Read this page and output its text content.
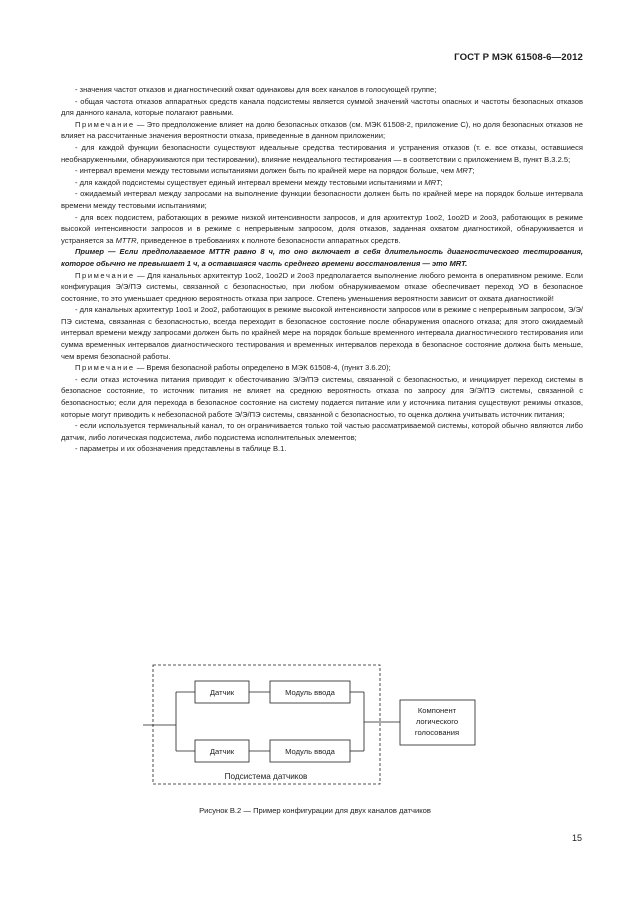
ГОСТ Р МЭК 61508-6—2012

- значения частот отказов и диагностический охват одинаковы для всех каналов в голосующей группе;

- общая частота отказов аппаратных средств канала подсистемы является суммой значений частоты опасных и частоты безопасных отказов для данного канала, которые полагают равными.

Примечание — Это предположение влияет на долю безопасных отказов (см. МЭК 61508-2, приложение C), но доля безопасных отказов не влияет на рассчитанные значения вероятности отказа, приведенные в данном приложении;

- для каждой функции безопасности существуют идеальные средства тестирования и устранения отказов (т. е. все отказы, оставшиеся необнаруженными, обнаруживаются при тестировании), влияние неидеального тестирования — в соответствии с приложением B, пункт B.3.2.5;

- интервал времени между тестовыми испытаниями должен быть по крайней мере на порядок больше, чем MRT;

- для каждой подсистемы существует единый интервал времени между тестовыми испытаниями и MRT;

- ожидаемый интервал между запросами на выполнение функции безопасности должен быть по крайней мере на порядок больше интервала времени между тестовыми испытаниями;

- для всех подсистем, работающих в режиме низкой интенсивности запросов, и для архитектур 1oo2, 1oo2D и 2oo3, работающих в режиме высокой интенсивности запросов и в режиме с непрерывным запросом, доля отказов, заданная охватом диагностикой, обнаруживается и устраняется за MTTR, приведенное в требованиях к полноте безопасности аппаратных средств.

Пример — Если предполагаемое MTTR равно 8 ч, то оно включает в себя длительность диагностического тестирования, которое обычно не превышает 1 ч, а оставшаяся часть среднего времени восстановления — это MRT.

Примечание — Для канальных архитектур 1oo2, 1oo2D и 2oo3 предполагается выполнение любого ремонта в оперативном режиме. Если конфигурация Э/Э/ПЭ системы, связанной с безопасностью, при любом обнаруживаемом отказе обеспечивает переход УО в безопасное состояние, то это уменьшает среднюю вероятность отказа при запросе. Степень уменьшения вероятности зависит от охвата диагностикой!

- для канальных архитектур 1oo1 и 2oo2, работающих в режиме высокой интенсивности запросов или в режиме с непрерывным запросом, Э/Э/ПЭ система, связанная с безопасностью, всегда переходит в безопасное состояние после обнаружения опасного отказа; для этого ожидаемый интервал времени между запросами должен быть по крайней мере на порядок больше временного интервала диагностического тестирования или сумма временных интервалов диагностического тестирования и временных интервалов перехода в безопасное состояние должна быть меньше, чем время безопасной работы.

Примечание — Время безопасной работы определено в МЭК 61508-4, (пункт 3.6.20);

- если отказ источника питания приводит к обесточиванию Э/Э/ПЭ системы, связанной с безопасностью, и инициирует переход системы в безопасное состояние, то источник питания не влияет на среднюю вероятность отказа по запросу для Э/Э/ПЭ системы, связанной с безопасностью; если для перехода в безопасное состояние на систему подается питание или у источника питания существуют режимы отказов, которые могут приводить к небезопасной работе Э/Э/ПЭ системы, связанной с безопасностью, то оценка должна учитывать источник питания;

- если используется терминальный канал, то он ограничивается только той частью рассматриваемой системы, которой обычно являются либо датчик, либо логическая подсистема, либо подсистема исполнительных элементов;

- параметры и их обозначения представлены в таблице B.1.

Датчик	Модуль ввода
Датчик	Модуль ввода
Компонент
логического
голосования
Подсистема датчиков
Рисунок B.2 — Пример конфигурации для двух каналов датчиков
15
